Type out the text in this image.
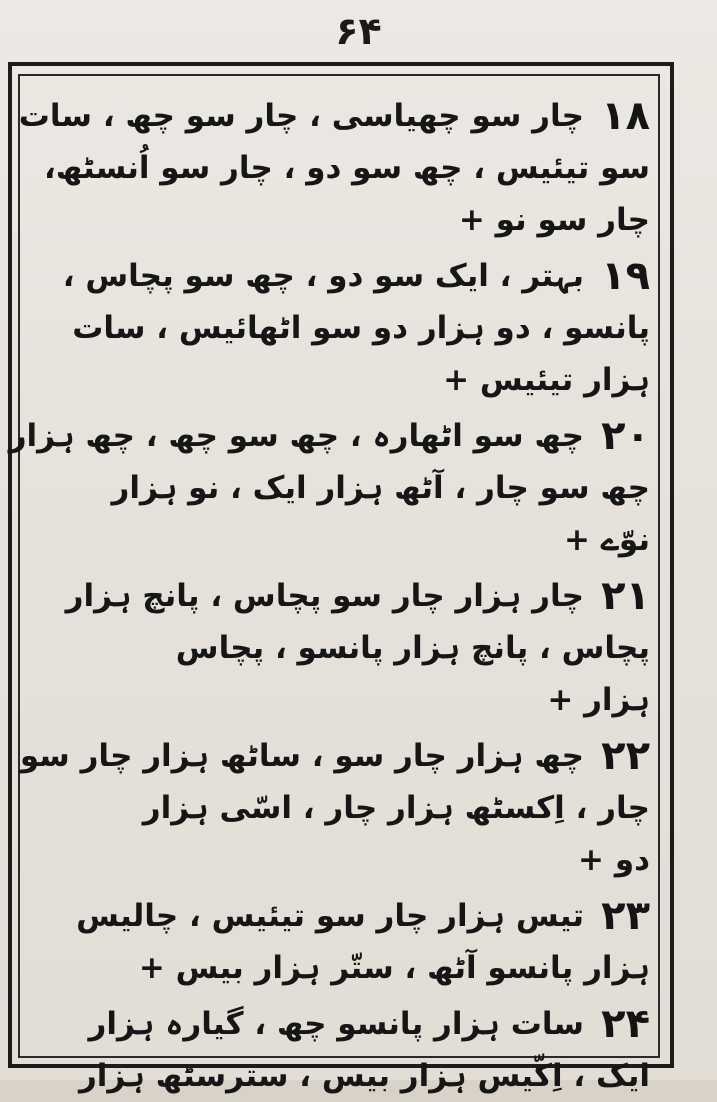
۶۴
۱۸
چار سو چھیاسی ، چار سو چھ ، سات
سو تیئیس ، چھ سو دو ، چار سو اُنسٹھ،
چار سو نو +
۱۹
بہتر ، ایک سو دو ، چھ سو پچاس ،
پانسو ، دو ہزار دو سو اٹھائیس ، سات
ہزار تیئیس +
۲۰
چھ سو اٹھارہ ، چھ سو چھ ، چھ ہزار
چھ سو چار ، آٹھ ہزار ایک ، نو ہزار
نوّے +
۲۱
چار ہزار چار سو پچاس ، پانچ ہزار
پچاس ، پانچ ہزار پانسو ، پچاس
ہزار +
۲۲
چھ ہزار چار سو ، ساٹھ ہزار چار سو
چار ، اِکسٹھ ہزار چار ، اسّی ہزار
دو +
۲۳
تیس ہزار چار سو تیئیس ، چالیس
ہزار پانسو آٹھ ، ستّر ہزار بیس +
۲۴
سات ہزار پانسو چھ ، گیارہ ہزار
ایک ، اِکّیس ہزار بیس ، سترسٹھ ہزار
